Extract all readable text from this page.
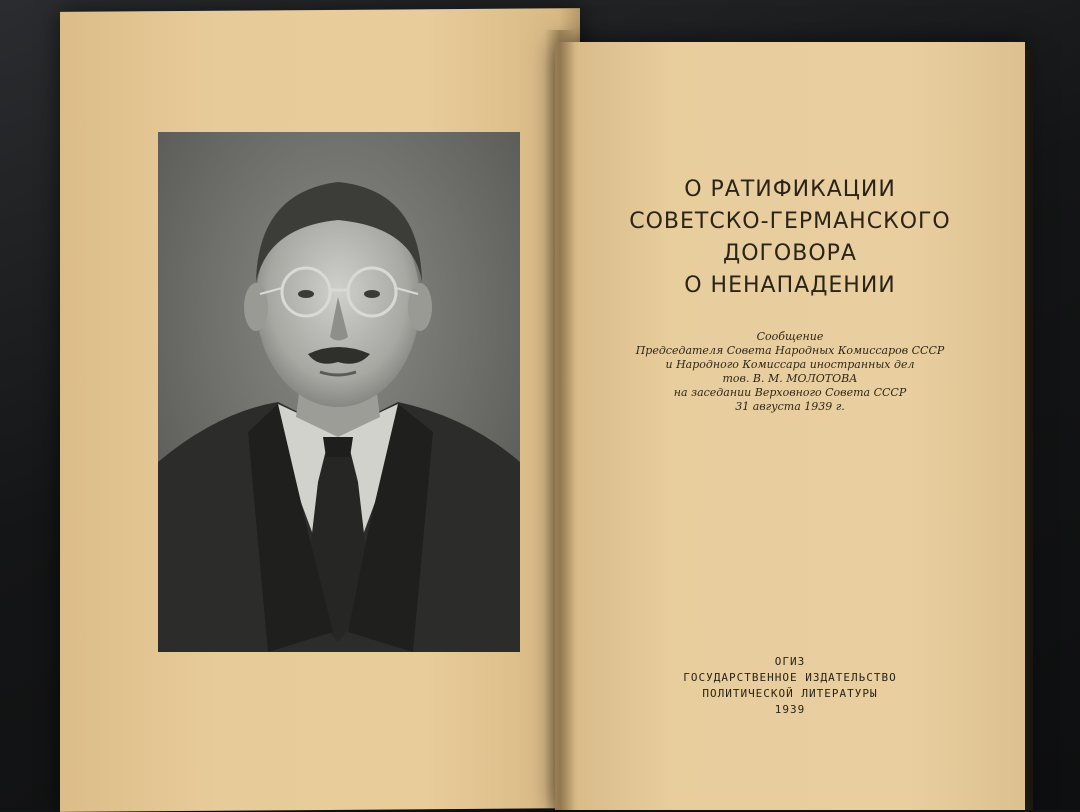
О РАТИФИКАЦИИ
СОВЕТСКО-ГЕРМАНСКОГО
ДОГОВОРА
О НЕНАПАДЕНИИ
Сообщение
Председателя Совета Народных Комиссаров СССР
и Народного Комиссара иностранных дел
тов. В. М. МОЛОТОВА
на заседании Верховного Совета СССР
31 августа 1939 г.
ОГИЗ
ГОСУДАРСТВЕННОЕ ИЗДАТЕЛЬСТВО
ПОЛИТИЧЕСКОЙ ЛИТЕРАТУРЫ
1939
